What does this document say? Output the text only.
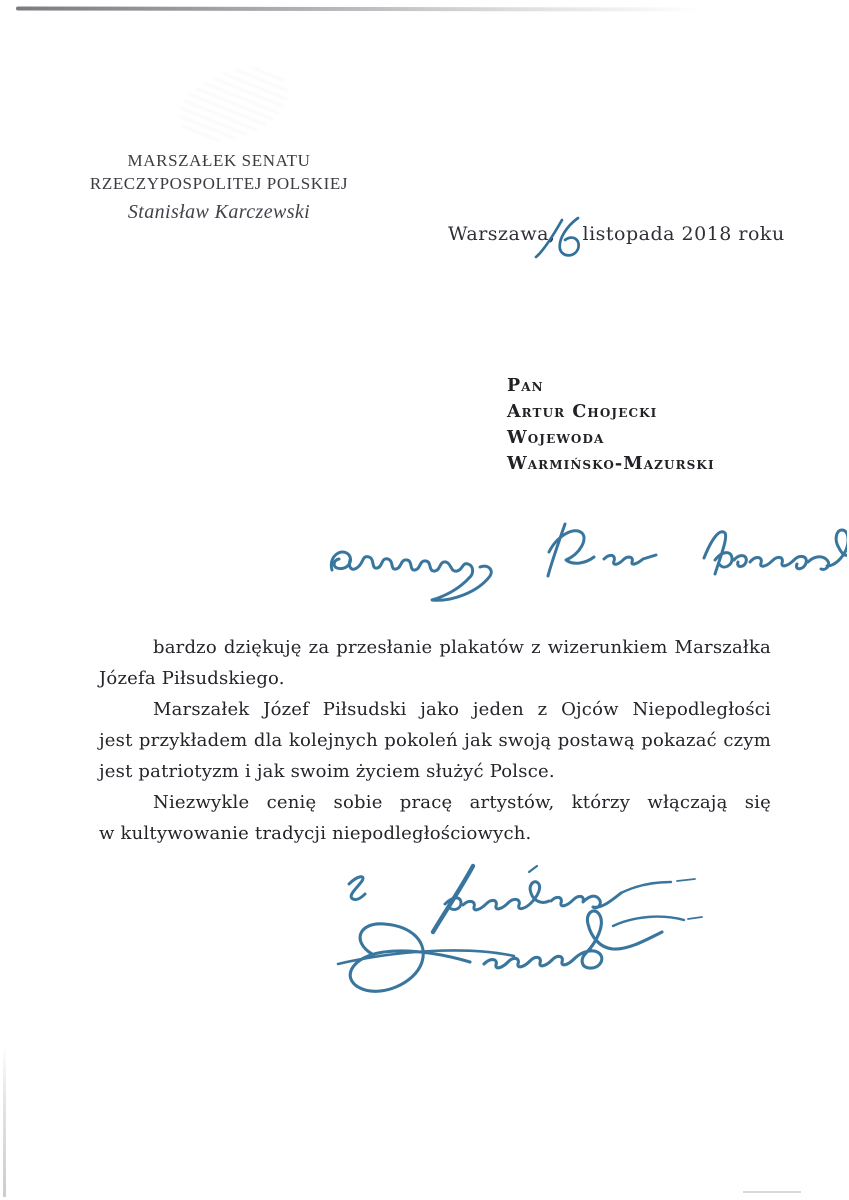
MARSZAŁEK SENATU
RZECZYPOSPOLITEJ POLSKIEJ
Stanisław Karczewski
Warszawa, listopada 2018 roku
Pan
Artur Chojecki
Wojewoda
Warmińsko-Mazurski
bardzo dziękuję za przesłanie plakatów z wizerunkiem Marszałka
Józefa Piłsudskiego.
Marszałek Józef Piłsudski jako jeden z Ojców Niepodległości
jest przykładem dla kolejnych pokoleń jak swoją postawą pokazać czym
jest patriotyzm i jak swoim życiem służyć Polsce.
Niezwykle cenię sobie pracę artystów, którzy włączają się
w kultywowanie tradycji niepodległościowych.
